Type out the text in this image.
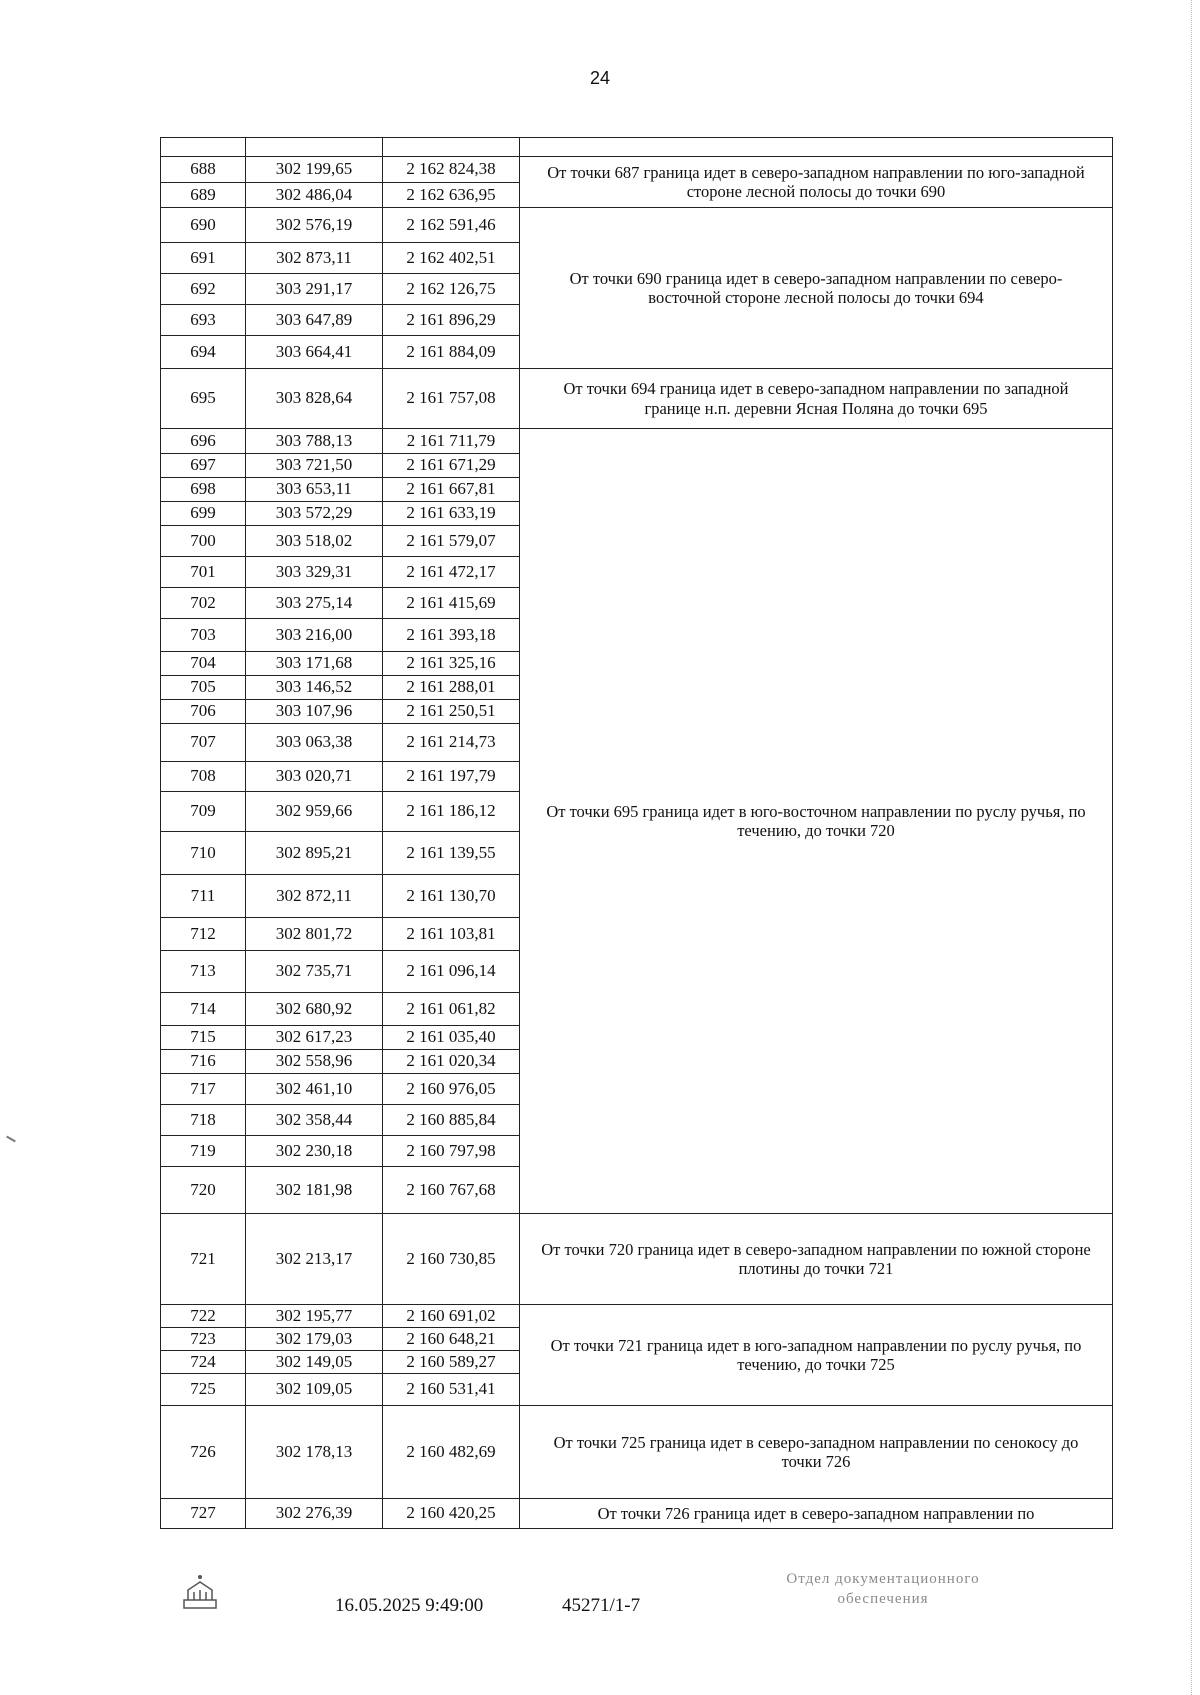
24

688	302 199,65	2 162 824,38	От точки 687 граница идет в северо-западном направлении по юго-западной стороне лесной полосы до точки 690
689	302 486,04	2 162 636,95	
690	302 576,19	2 162 591,46	От точки 690 граница идет в северо-западном направлении по северо-восточной стороне лесной полосы до точки 694
691	302 873,11	2 162 402,51	
692	303 291,17	2 162 126,75	
693	303 647,89	2 161 896,29	
694	303 664,41	2 161 884,09	
695	303 828,64	2 161 757,08	От точки 694 граница идет в северо-западном направлении по западной границе н.п. деревни Ясная Поляна до точки 695
696	303 788,13	2 161 711,79	От точки 695 граница идет в юго-восточном направлении по руслу ручья, по течению, до точки 720
697	303 721,50	2 161 671,29	
698	303 653,11	2 161 667,81	
699	303 572,29	2 161 633,19	
700	303 518,02	2 161 579,07	
701	303 329,31	2 161 472,17	
702	303 275,14	2 161 415,69	
703	303 216,00	2 161 393,18	
704	303 171,68	2 161 325,16	
705	303 146,52	2 161 288,01	
706	303 107,96	2 161 250,51	
707	303 063,38	2 161 214,73	
708	303 020,71	2 161 197,79	
709	302 959,66	2 161 186,12	
710	302 895,21	2 161 139,55	
711	302 872,11	2 161 130,70	
712	302 801,72	2 161 103,81	
713	302 735,71	2 161 096,14	
714	302 680,92	2 161 061,82	
715	302 617,23	2 161 035,40	
716	302 558,96	2 161 020,34	
717	302 461,10	2 160 976,05	
718	302 358,44	2 160 885,84	
719	302 230,18	2 160 797,98	
720	302 181,98	2 160 767,68	
721	302 213,17	2 160 730,85	От точки 720 граница идет в северо-западном направлении по южной стороне плотины до точки 721
722	302 195,77	2 160 691,02	От точки 721 граница идет в юго-западном направлении по руслу ручья, по течению, до точки 725
723	302 179,03	2 160 648,21	
724	302 149,05	2 160 589,27	
725	302 109,05	2 160 531,41	
726	302 178,13	2 160 482,69	От точки 725 граница идет в северо-западном направлении по сенокосу до точки 726
727	302 276,39	2 160 420,25	От точки 726 граница идет в северо-западном направлении по
16.05.2025 9:49:00	45271/1-7
Отдел документационного
обеспечения
